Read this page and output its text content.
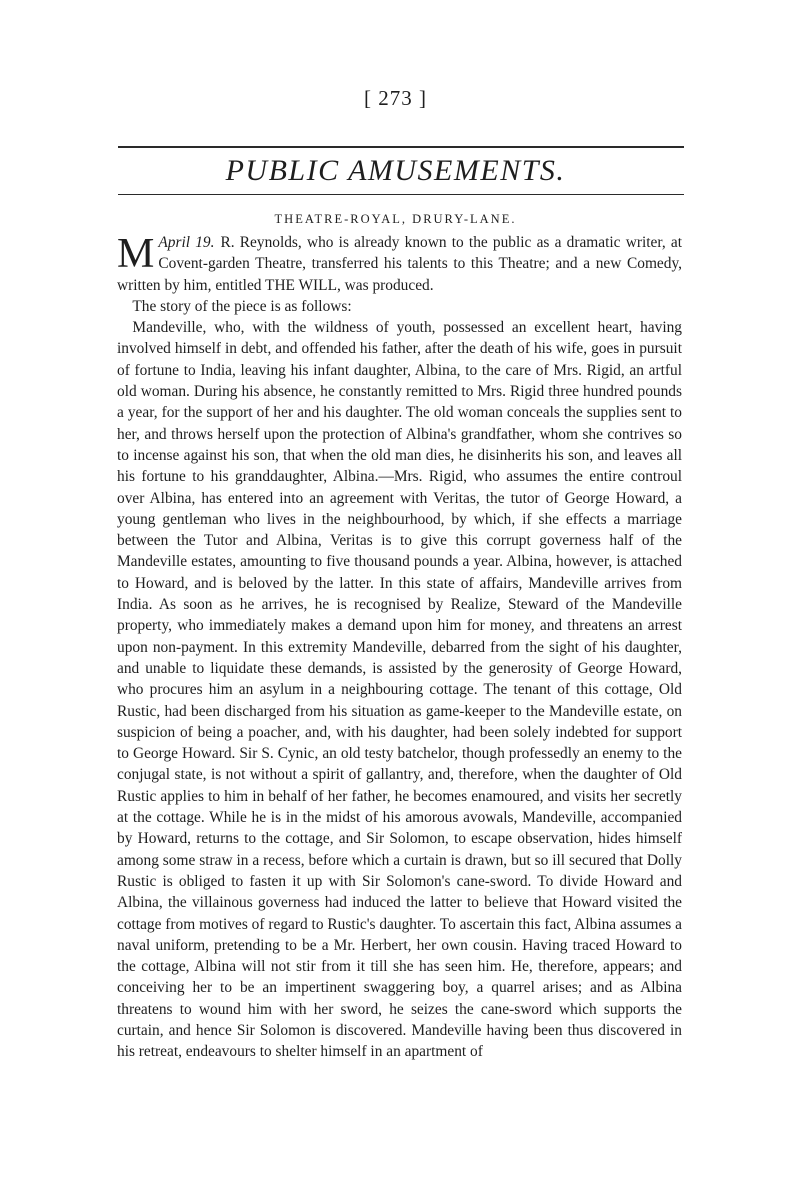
[ 273 ]
PUBLIC AMUSEMENTS.
THEATRE-ROYAL, DRURY-LANE.

April 19.
M	R. Reynolds, who is already known to the public as a dramatic writer, at Covent-garden Theatre, transferred his talents to this Theatre; and a new Comedy, written by him, entitled THE WILL, was produced.

The story of the piece is as follows:

Mandeville, who, with the wildness of youth, possessed an excellent heart, having involved himself in debt, and offended his father, after the death of his wife, goes in pursuit of fortune to India, leaving his infant daughter, Albina, to the care of Mrs. Rigid, an artful old woman. During his absence, he constantly remitted to Mrs. Rigid three hundred pounds a year, for the support of her and his daughter. The old woman conceals the supplies sent to her, and throws herself upon the protection of Albina's grandfather, whom she contrives so to incense against his son, that when the old man dies, he disinherits his son, and leaves all his fortune to his granddaughter, Albina.—Mrs. Rigid, who assumes the entire controul over Albina, has entered into an agreement with Veritas, the tutor of George Howard, a young gentleman who lives in the neighbourhood, by which, if she effects a marriage between the Tutor and Albina, Veritas is to give this corrupt governess half of the Mandeville estates, amounting to five thousand pounds a year. Albina, however, is attached to Howard, and is beloved by the latter. In this state of affairs, Mandeville arrives from India. As soon as he arrives, he is recognised by Realize, Steward of the Mandeville property, who immediately makes a demand upon him for money, and threatens an arrest upon non-payment. In this extremity Mandeville, debarred from the sight of his daughter, and unable to liquidate these demands, is assisted by the generosity of George Howard, who procures him an asylum in a neighbouring cottage. The tenant of this cottage, Old Rustic, had been discharged from his situation as game-keeper to the Mandeville estate, on suspicion of being a poacher, and, with his daughter, had been solely indebted for support to George Howard. Sir S. Cynic, an old testy batchelor, though professedly an enemy to the conjugal state, is not without a spirit of gallantry, and, therefore, when the daughter of Old Rustic applies to him in behalf of her father, he becomes enamoured, and visits her secretly at the cottage. While he is in the midst of his amorous avowals, Mandeville, accompanied by Howard, returns to the cottage, and Sir Solomon, to escape observation, hides himself among some straw in a recess, before which a curtain is drawn, but so ill secured that Dolly Rustic is obliged to fasten it up with Sir Solomon's cane-sword. To divide Howard and Albina, the villainous governess had induced the latter to believe that Howard visited the cottage from motives of regard to Rustic's daughter. To ascertain this fact, Albina assumes a naval uniform, pretending to be a Mr. Herbert, her own cousin. Having traced Howard to the cottage, Albina will not stir from it till she has seen him. He, therefore, appears; and conceiving her to be an impertinent swaggering boy, a quarrel arises; and as Albina threatens to wound him with her sword, he seizes the cane-sword which supports the curtain, and hence Sir Solomon is discovered. Mandeville having been thus discovered in his retreat, endeavours to shelter himself in an apartment of
